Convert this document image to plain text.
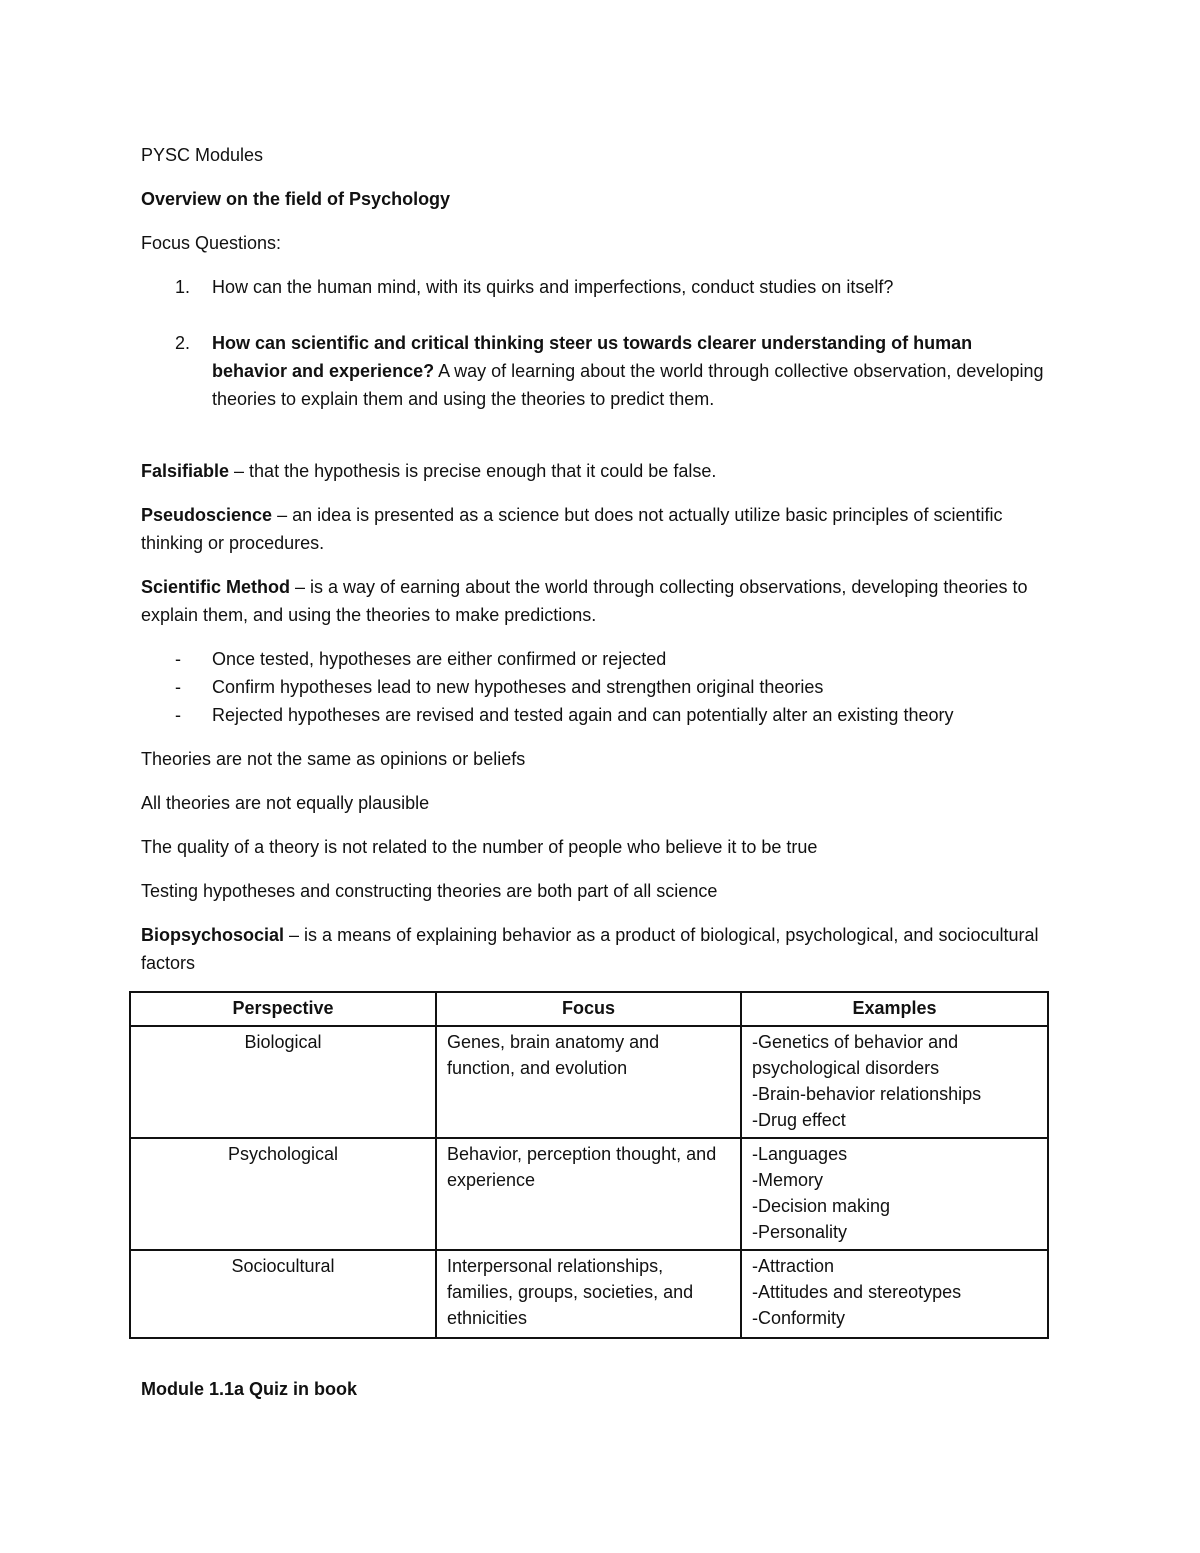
PYSC Modules

Overview on the field of Psychology

Focus Questions:

1. How can the human mind, with its quirks and imperfections, conduct studies on itself?
2. How can scientific and critical thinking steer us towards clearer understanding of human behavior and experience? A way of learning about the world through collective observation, developing theories to explain them and using the theories to predict them.

Falsifiable – that the hypothesis is precise enough that it could be false.

Pseudoscience – an idea is presented as a science but does not actually utilize basic principles of scientific thinking or procedures.

Scientific Method – is a way of earning about the world through collecting observations, developing theories to explain them, and using the theories to make predictions.

- Once tested, hypotheses are either confirmed or rejected
- Confirm hypotheses lead to new hypotheses and strengthen original theories
- Rejected hypotheses are revised and tested again and can potentially alter an existing theory

Theories are not the same as opinions or beliefs

All theories are not equally plausible

The quality of a theory is not related to the number of people who believe it to be true

Testing hypotheses and constructing theories are both part of all science

Biopsychosocial – is a means of explaining behavior as a product of biological, psychological, and sociocultural factors

Perspective	Focus	Examples
Biological	Genes, brain anatomy and function, and evolution	-Genetics of behavior and psychological disorders
-Brain-behavior relationships
-Drug effect

Psychological	Behavior, perception thought, and experience	-Languages
-Memory
-Decision making
-Personality

Sociocultural	Interpersonal relationships, families, groups, societies, and ethnicities	-Attraction
-Attitudes and stereotypes
-Conformity

Module 1.1a Quiz in book
